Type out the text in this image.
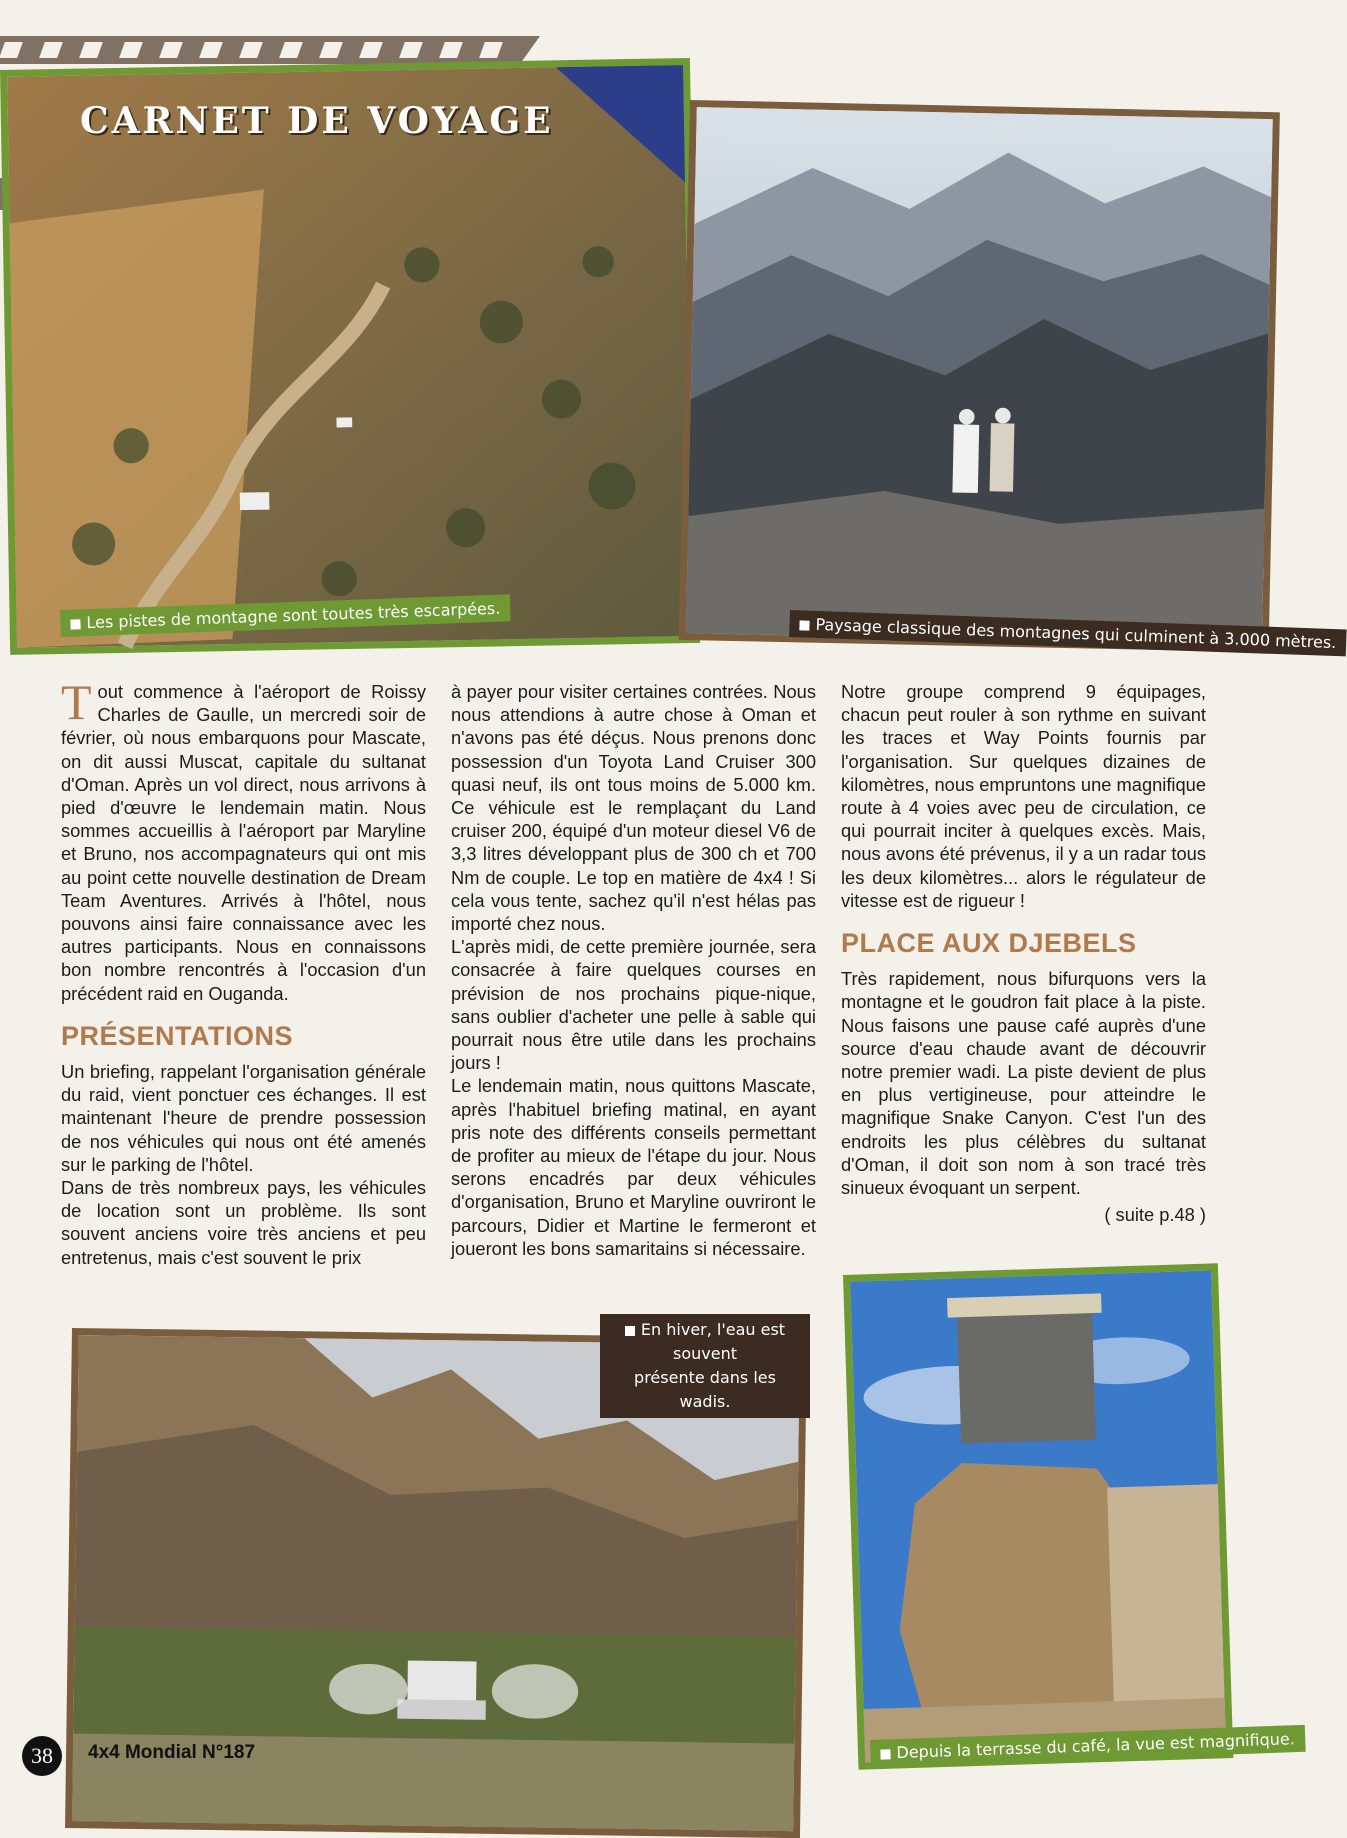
CARNET DE VOYAGE
Les pistes de montagne sont toutes très escarpées.	Paysage classique des montagnes qui culminent à 3.000 mètres.

Tout commence à l'aéroport de Roissy Charles de Gaulle, un mercredi soir de février, où nous embarquons pour Mascate, on dit aussi Muscat, capitale du sultanat d'Oman. Après un vol direct, nous arrivons à pied d'œuvre le lendemain matin. Nous sommes accueillis à l'aéroport par Maryline et Bruno, nos accompagnateurs qui ont mis au point cette nouvelle destination de Dream Team Aventures. Arrivés à l'hôtel, nous pouvons ainsi faire connaissance avec les autres participants. Nous en connaissons bon nombre rencontrés à l'occasion d'un précédent raid en Ouganda.

PRÉSENTATIONS

Un briefing, rappelant l'organisation générale du raid, vient ponctuer ces échanges. Il est maintenant l'heure de prendre possession de nos véhicules qui nous ont été amenés sur le parking de l'hôtel.

Dans de très nombreux pays, les véhicules de location sont un problème. Ils sont souvent anciens voire très anciens et peu entretenus, mais c'est souvent le prix

à payer pour visiter certaines contrées. Nous nous attendions à autre chose à Oman et n'avons pas été déçus. Nous prenons donc possession d'un Toyota Land Cruiser 300 quasi neuf, ils ont tous moins de 5.000 km. Ce véhicule est le remplaçant du Land cruiser 200, équipé d'un moteur diesel V6 de 3,3 litres développant plus de 300 ch et 700 Nm de couple. Le top en matière de 4x4 ! Si cela vous tente, sachez qu'il n'est hélas pas importé chez nous.

L'après midi, de cette première journée, sera consacrée à faire quelques courses en prévision de nos prochains pique-nique, sans oublier d'acheter une pelle à sable qui pourrait nous être utile dans les prochains jours !

Le lendemain matin, nous quittons Mascate, après l'habituel briefing matinal, en ayant pris note des différents conseils permettant de profiter au mieux de l'étape du jour. Nous serons encadrés par deux véhicules d'organisation, Bruno et Maryline ouvriront le parcours, Didier et Martine le fermeront et joueront les bons samaritains si nécessaire.

Notre groupe comprend 9 équipages, chacun peut rouler à son rythme en suivant les traces et Way Points fournis par l'organisation. Sur quelques dizaines de kilomètres, nous empruntons une magnifique route à 4 voies avec peu de circulation, ce qui pourrait inciter à quelques excès. Mais, nous avons été prévenus, il y a un radar tous les deux kilomètres... alors le régulateur de vitesse est de rigueur !

PLACE AUX DJEBELS

Très rapidement, nous bifurquons vers la montagne et le goudron fait place à la piste. Nous faisons une pause café auprès d'une source d'eau chaude avant de découvrir notre premier wadi. La piste devient de plus en plus vertigineuse, pour atteindre le magnifique Snake Canyon. C'est l'un des endroits les plus célèbres du sultanat d'Oman, il doit son nom à son tracé très sinueux évoquant un serpent.

( suite p.48 )

En hiver, l'eau est souvent
présente dans les wadis.
Depuis la terrasse du café, la vue est magnifique.
38	4x4 Mondial N°187
